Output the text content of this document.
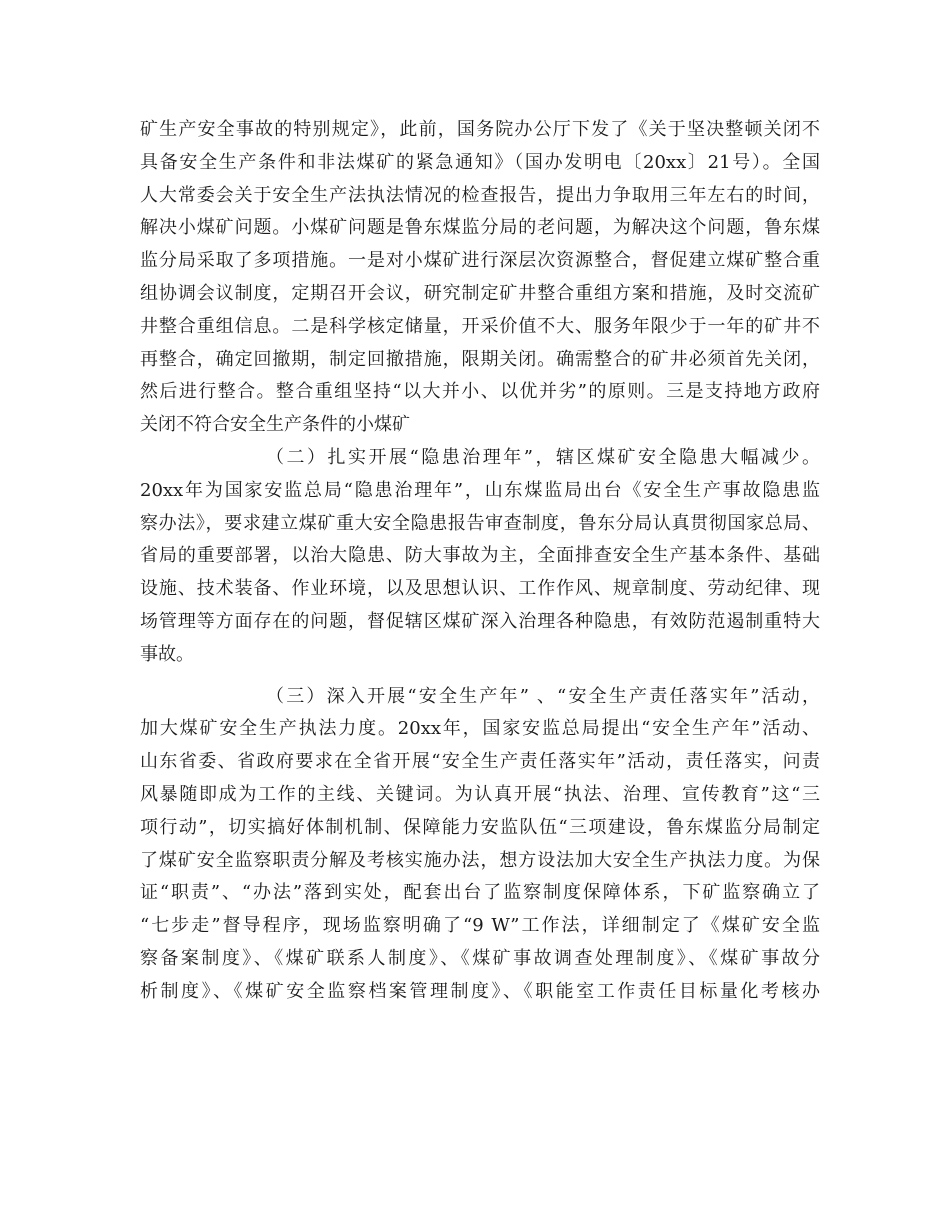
矿生产安全事故的特别规定》，此前，国务院办公厅下发了《关于坚决整顿关闭不
具备安全生产条件和非法煤矿的紧急通知》（国办发明电〔20xx〕21号）。全国
人大常委会关于安全生产法执法情况的检查报告，提出力争取用三年左右的时间，
解决小煤矿问题。小煤矿问题是鲁东煤监分局的老问题，为解决这个问题，鲁东煤
监分局采取了多项措施。一是对小煤矿进行深层次资源整合，督促建立煤矿整合重
组协调会议制度，定期召开会议，研究制定矿井整合重组方案和措施，及时交流矿
井整合重组信息。二是科学核定储量，开采价值不大、服务年限少于一年的矿井不
再整合，确定回撤期，制定回撤措施，限期关闭。确需整合的矿井必须首先关闭，
然后进行整合。整合重组坚持“以大并小、以优并劣”的原则。三是支持地方政府
关闭不符合安全生产条件的小煤矿
（二）扎实开展“隐患治理年”，辖区煤矿安全隐患大幅减少。
20xx年为国家安监总局“隐患治理年”，山东煤监局出台《安全生产事故隐患监
察办法》，要求建立煤矿重大安全隐患报告审查制度，鲁东分局认真贯彻国家总局、
省局的重要部署，以治大隐患、防大事故为主，全面排查安全生产基本条件、基础
设施、技术装备、作业环境，以及思想认识、工作作风、规章制度、劳动纪律、现
场管理等方面存在的问题，督促辖区煤矿深入治理各种隐患，有效防范遏制重特大
事故。
（三）深入开展“安全生产年” 、“安全生产责任落实年”活动，
加大煤矿安全生产执法力度。20xx年，国家安监总局提出“安全生产年”活动、
山东省委、省政府要求在全省开展“安全生产责任落实年”活动，责任落实，问责
风暴随即成为工作的主线、关键词。为认真开展“执法、治理、宣传教育”这“三
项行动”，切实搞好体制机制、保障能力安监队伍“三项建设，鲁东煤监分局制定
了煤矿安全监察职责分解及考核实施办法，想方设法加大安全生产执法力度。为保
证“职责”、“办法”落到实处，配套出台了监察制度保障体系，下矿监察确立了
“七步走”督导程序，现场监察明确了“9 W”工作法，详细制定了《煤矿安全监
察备案制度》、《煤矿联系人制度》、《煤矿事故调查处理制度》、《煤矿事故分
析制度》、《煤矿安全监察档案管理制度》、《职能室工作责任目标量化考核办
